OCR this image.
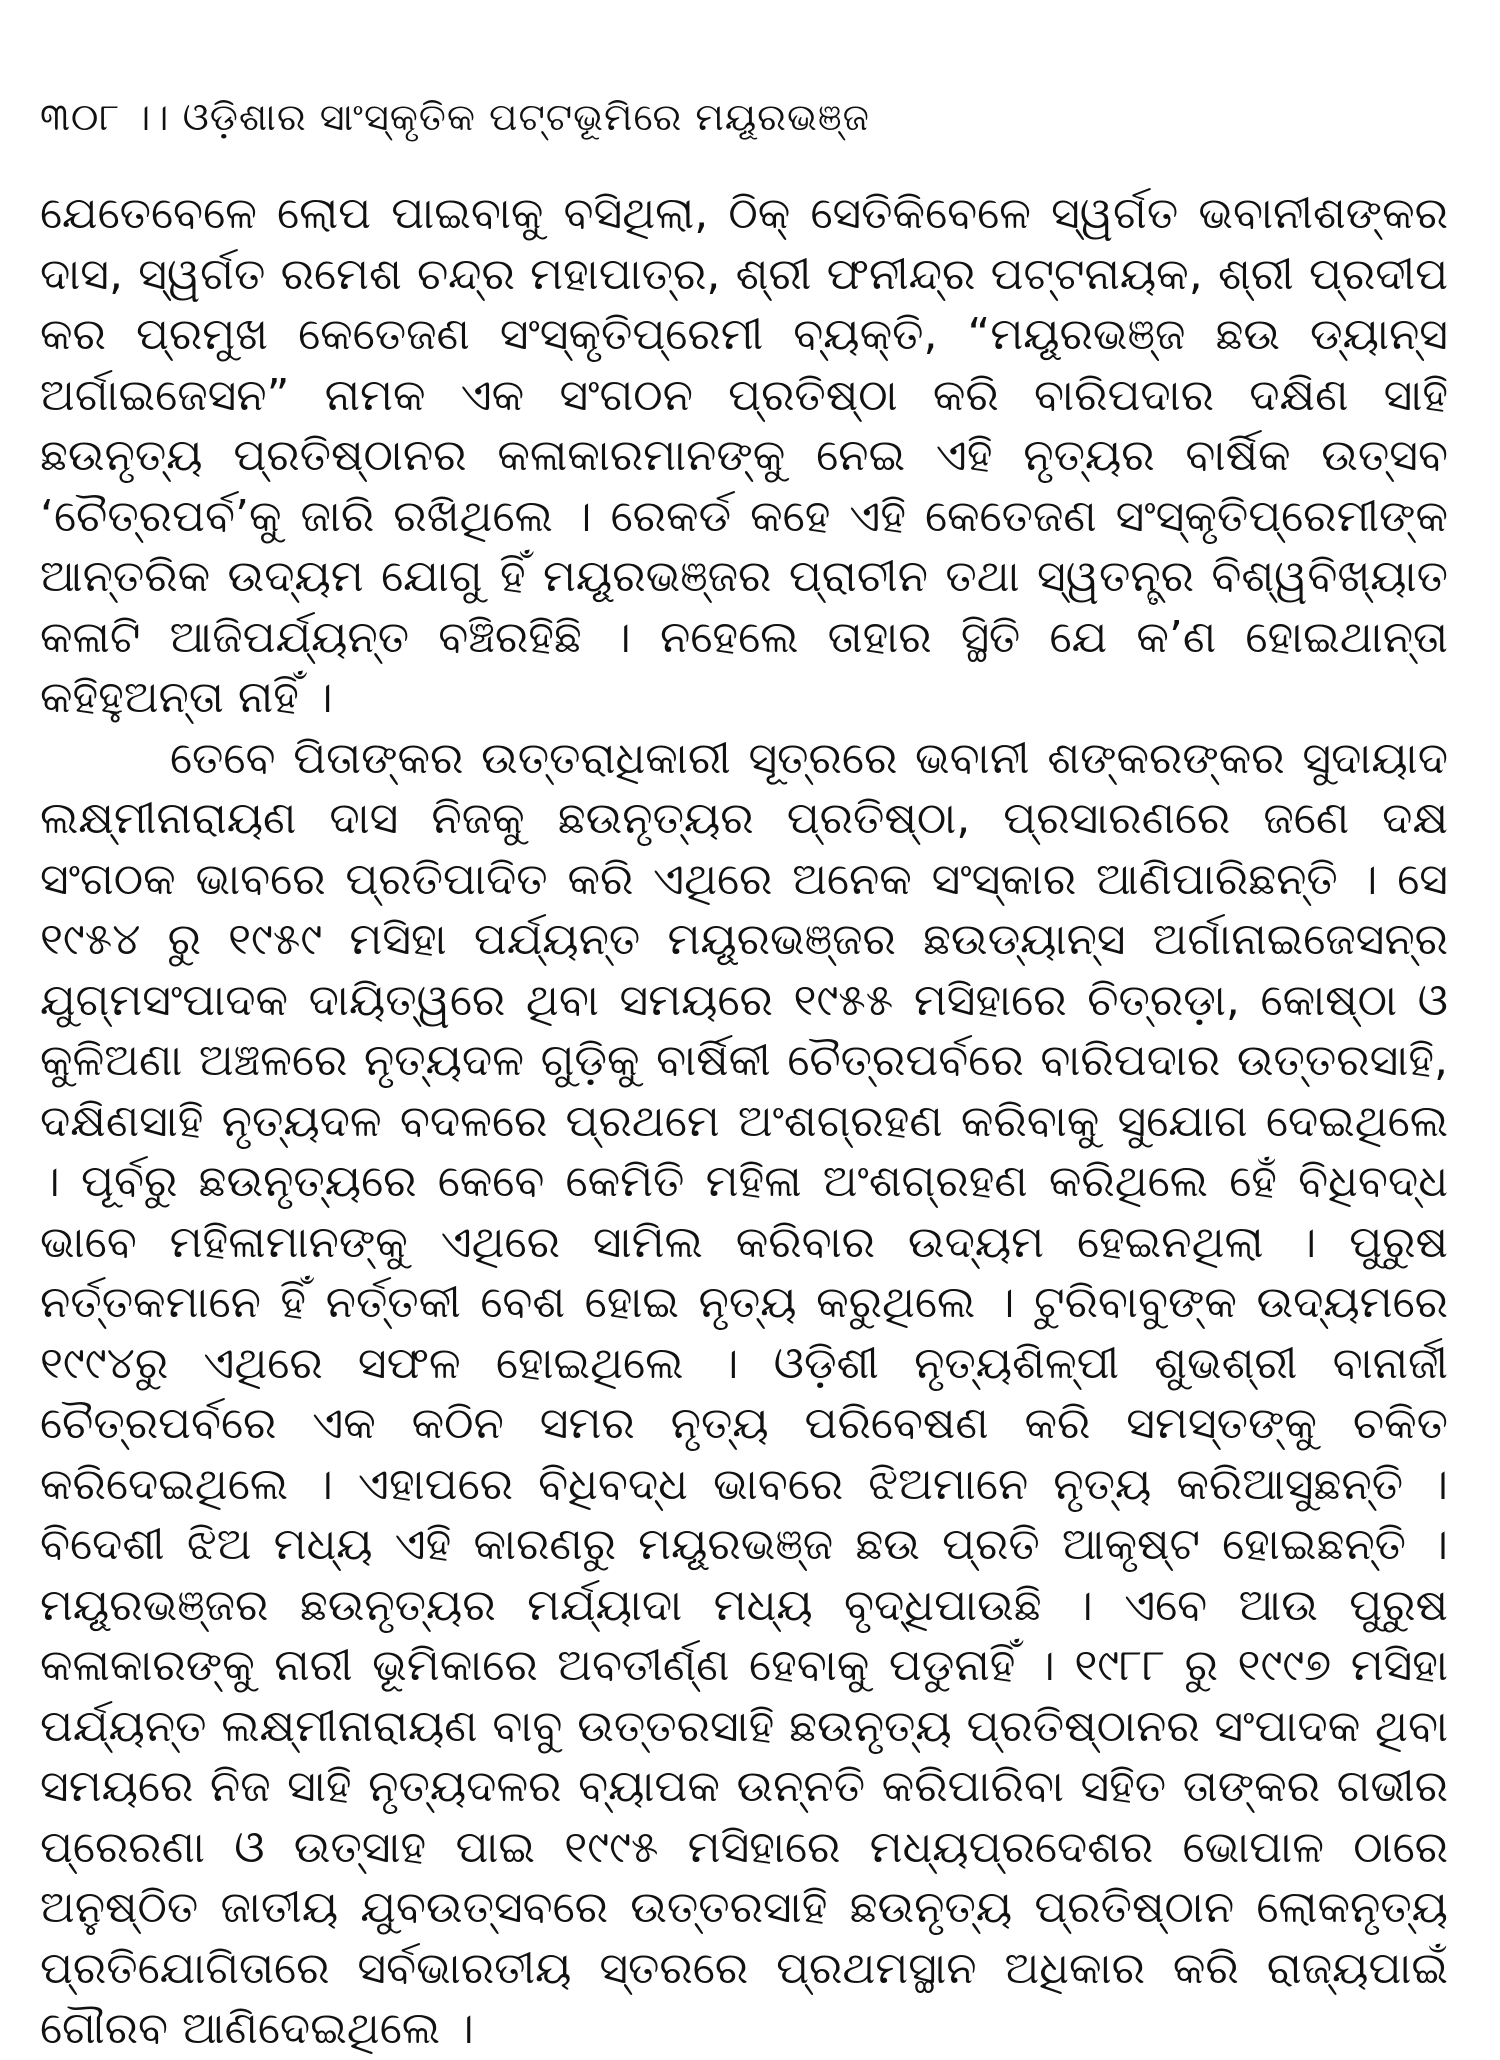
୩୦୮ ।। ଓଡ଼ିଶାର ସାଂସ୍କୃତିକ ପଟ୍ଟଭୂମିରେ ମୟୂରଭଞ୍ଜ

ଯେତେବେଳେ ଲୋପ ପାଇବାକୁ ବସିଥିଲା, ଠିକ୍ ସେତିକିବେଳେ ସ୍ୱର୍ଗତ ଭବାନୀଶଙ୍କର ଦାସ, ସ୍ୱର୍ଗତ ରମେଶ ଚନ୍ଦ୍ର ମହାପାତ୍ର, ଶ୍ରୀ ଫନୀନ୍ଦ୍ର ପଟ୍ଟନାୟକ, ଶ୍ରୀ ପ୍ରଦୀପ କର ପ୍ରମୁଖ କେତେଜଣ ସଂସ୍କୃତିପ୍ରେମୀ ବ୍ୟକ୍ତି, “ମୟୂରଭଞ୍ଜ ଛଉ ଡ୍ୟାନ୍ସ ଅର୍ଗାଇଜେସନ” ନାମକ ଏକ ସଂଗଠନ ପ୍ରତିଷ୍ଠା କରି ବାରିପଦାର ଦକ୍ଷିଣ ସାହି ଛଉନୃତ୍ୟ ପ୍ରତିଷ୍ଠାନର କଳାକାରମାନଙ୍କୁ ନେଇ ଏହି ନୃତ୍ୟର ବାର୍ଷିକ ଉତ୍ସବ ‘ଚୈତ୍ରପର୍ବ’କୁ ଜାରି ରଖିଥିଲେ । ରେକର୍ଡ କହେ ଏହି କେତେଜଣ ସଂସ୍କୃତିପ୍ରେମୀଙ୍କ ଆନ୍ତରିକ ଉଦ୍ୟମ ଯୋଗୁ ହିଁ ମୟୂରଭଞ୍ଜର ପ୍ରାଚୀନ ତଥା ସ୍ୱତନ୍ତ୍ର ବିଶ୍ୱବିଖ୍ୟାତ କଳାଟି ଆଜିପର୍ଯ୍ୟନ୍ତ ବଞ୍ଚିରହିଛି । ନହେଲେ ତାହାର ସ୍ଥିତି ଯେ କ’ଣ ହୋଇଥାନ୍ତା କହିହୁଅନ୍ତା ନାହିଁ ।

ତେବେ ପିତାଙ୍କର ଉତ୍ତରାଧିକାରୀ ସୂତ୍ରରେ ଭବାନୀ ଶଙ୍କରଙ୍କର ସୁଦାୟାଦ ଲକ୍ଷ୍ମୀନାରାୟଣ ଦାସ ନିଜକୁ ଛଉନୃତ୍ୟର ପ୍ରତିଷ୍ଠା, ପ୍ରସାରଣରେ ଜଣେ ଦକ୍ଷ ସଂଗଠକ ଭାବରେ ପ୍ରତିପାଦିତ କରି ଏଥିରେ ଅନେକ ସଂସ୍କାର ଆଣିପାରିଛନ୍ତି । ସେ ୧୯୫୪ ରୁ ୧୯୫୯ ମସିହା ପର୍ଯ୍ୟନ୍ତ ମୟୂରଭଞ୍ଜର ଛଉଡ୍ୟାନ୍ସ ଅର୍ଗାନାଇଜେସନ୍‌ର ଯୁଗ୍ମସଂପାଦକ ଦାୟିତ୍ୱରେ ଥିବା ସମୟରେ ୧୯୫୫ ମସିହାରେ ଚିତ୍ରଡ଼ା, କୋଷ୍ଠା ଓ କୁଳିଅଣା ଅଞ୍ଚଳରେ ନୃତ୍ୟଦଳ ଗୁଡ଼ିକୁ ବାର୍ଷିକୀ ଚୈତ୍ରପର୍ବରେ ବାରିପଦାର ଉତ୍ତରସାହି, ଦକ୍ଷିଣସାହି ନୃତ୍ୟଦଳ ବଦଳରେ ପ୍ରଥମେ ଅଂଶଗ୍ରହଣ କରିବାକୁ ସୁଯୋଗ ଦେଇଥିଲେ । ପୂର୍ବରୁ ଛଉନୃତ୍ୟରେ କେବେ କେମିତି ମହିଳା ଅଂଶଗ୍ରହଣ କରିଥିଲେ ହେଁ ବିଧିବଦ୍ଧ ଭାବେ ମହିଳାମାନଙ୍କୁ ଏଥିରେ ସାମିଲ କରିବାର ଉଦ୍ୟମ ହେଇନଥିଲା । ପୁରୁଷ ନର୍ତ୍ତକମାନେ ହିଁ ନର୍ତ୍ତକୀ ବେଶ ହୋଇ ନୃତ୍ୟ କରୁଥିଲେ । ଟୁରିବାବୁଙ୍କ ଉଦ୍ୟମରେ ୧୯୯୪ରୁ ଏଥିରେ ସଫଳ ହୋଇଥିଲେ । ଓଡ଼ିଶୀ ନୃତ୍ୟଶିଳ୍ପୀ ଶୁଭଶ୍ରୀ ବାନାର୍ଜୀ ଚୈତ୍ରପର୍ବରେ ଏକ କଠିନ ସମର ନୃତ୍ୟ ପରିବେଷଣ କରି ସମସ୍ତଙ୍କୁ ଚକିତ କରିଦେଇଥିଲେ । ଏହାପରେ ବିଧିବଦ୍ଧ ଭାବରେ ଝିଅମାନେ ନୃତ୍ୟ କରିଆସୁଛନ୍ତି । ବିଦେଶୀ ଝିଅ ମଧ୍ୟ ଏହି କାରଣରୁ ମୟୂରଭଞ୍ଜ ଛଉ ପ୍ରତି ଆକୃଷ୍ଟ ହୋଇଛନ୍ତି । ମୟୂରଭଞ୍ଜର ଛଉନୃତ୍ୟର ମର୍ଯ୍ୟାଦା ମଧ୍ୟ ବୃଦ୍ଧିପାଉଛି । ଏବେ ଆଉ ପୁରୁଷ କଳାକାରଙ୍କୁ ନାରୀ ଭୂମିକାରେ ଅବତୀର୍ଣ୍ଣ ହେବାକୁ ପଡୁନାହିଁ । ୧୯୮୮ ରୁ ୧୯୯୭ ମସିହା ପର୍ଯ୍ୟନ୍ତ ଲକ୍ଷ୍ମୀନାରାୟଣ ବାବୁ ଉତ୍ତରସାହି ଛଉନୃତ୍ୟ ପ୍ରତିଷ୍ଠାନର ସଂପାଦକ ଥିବା ସମୟରେ ନିଜ ସାହି ନୃତ୍ୟଦଳର ବ୍ୟାପକ ଉନ୍ନତି କରିପାରିବା ସହିତ ତାଙ୍କର ଗଭୀର ପ୍ରେରଣା ଓ ଉତ୍ସାହ ପାଇ ୧୯୯୫ ମସିହାରେ ମଧ୍ୟପ୍ରଦେଶର ଭୋପାଳ ଠାରେ ଅନୁଷ୍ଠିତ ଜାତୀୟ ଯୁବଉତ୍ସବରେ ଉତ୍ତରସାହି ଛଉନୃତ୍ୟ ପ୍ରତିଷ୍ଠାନ ଲୋକନୃତ୍ୟ ପ୍ରତିଯୋଗିତାରେ ସର୍ବଭାରତୀୟ ସ୍ତରରେ ପ୍ରଥମସ୍ଥାନ ଅଧିକାର କରି ରାଜ୍ୟପାଇଁ ଗୌରବ ଆଣିଦେଇଥିଲେ ।
